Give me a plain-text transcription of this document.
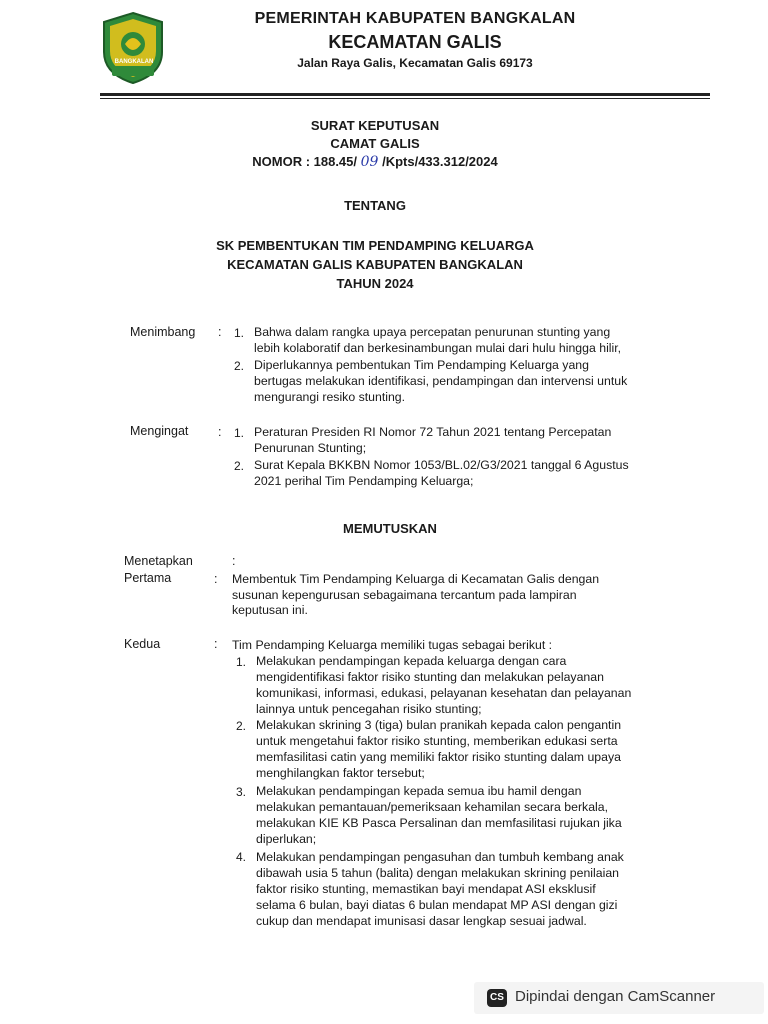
BANGKALAN
PEMERINTAH KABUPATEN BANGKALAN
KECAMATAN GALIS
Jalan Raya Galis, Kecamatan Galis 69173
SURAT KEPUTUSAN
CAMAT GALIS
NOMOR : 188.45/ 09 /Kpts/433.312/2024
TENTANG
SK PEMBENTUKAN TIM PENDAMPING KELUARGA
KECAMATAN GALIS KABUPATEN BANGKALAN
TAHUN 2024
Menimbang : 1. Bahwa dalam rangka upaya percepatan penurunan stunting yang
lebih kolaboratif dan berkesinambungan mulai dari hulu hingga hilir,
2. Diperlukannya pembentukan Tim Pendamping Keluarga yang
bertugas melakukan identifikasi, pendampingan dan intervensi untuk
mengurangi resiko stunting.
Mengingat : 1. Peraturan Presiden RI Nomor 72 Tahun 2021 tentang Percepatan
Penurunan Stunting;
2. Surat Kepala BKKBN Nomor 1053/BL.02/G3/2021 tanggal 6 Agustus
2021 perihal Tim Pendamping Keluarga;
MEMUTUSKAN
Menetapkan	:
Pertama	: Membentuk Tim Pendamping Keluarga di Kecamatan Galis dengan
susunan kepengurusan sebagaimana tercantum pada lampiran
keputusan ini.
Kedua	: Tim Pendamping Keluarga memiliki tugas sebagai berikut :
1. Melakukan pendampingan kepada keluarga dengan cara
mengidentifikasi faktor risiko stunting dan melakukan pelayanan
komunikasi, informasi, edukasi, pelayanan kesehatan dan pelayanan
lainnya untuk pencegahan risiko stunting;
2. Melakukan skrining 3 (tiga) bulan pranikah kepada calon pengantin
untuk mengetahui faktor risiko stunting, memberikan edukasi serta
memfasilitasi catin yang memiliki faktor risiko stunting dalam upaya
menghilangkan faktor tersebut;
3. Melakukan pendampingan kepada semua ibu hamil dengan
melakukan pemantauan/pemeriksaan kehamilan secara berkala,
melakukan KIE KB Pasca Persalinan dan memfasilitasi rujukan jika
diperlukan;
4. Melakukan pendampingan pengasuhan dan tumbuh kembang anak
dibawah usia 5 tahun (balita) dengan melakukan skrining penilaian
faktor risiko stunting, memastikan bayi mendapat ASI eksklusif
selama 6 bulan, bayi diatas 6 bulan mendapat MP ASI dengan gizi
cukup dan mendapat imunisasi dasar lengkap sesuai jadwal.
CS Dipindai dengan CamScanner
